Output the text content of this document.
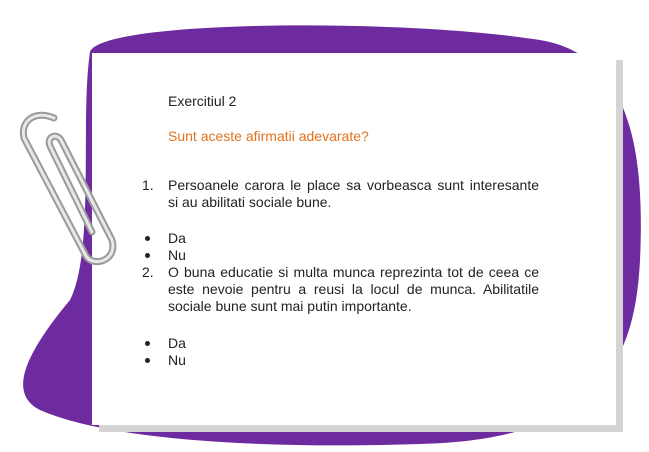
Exercitiul 2
Sunt aceste afirmatii adevarate?
1. Persoanele carora le place sa vorbeasca sunt interesante si au abilitati sociale bune.
Da
Nu
2. O buna educatie si multa munca reprezinta tot de ceea ce este nevoie pentru a reusi la locul de munca. Abilitatile sociale bune sunt mai putin importante.
Da
Nu
